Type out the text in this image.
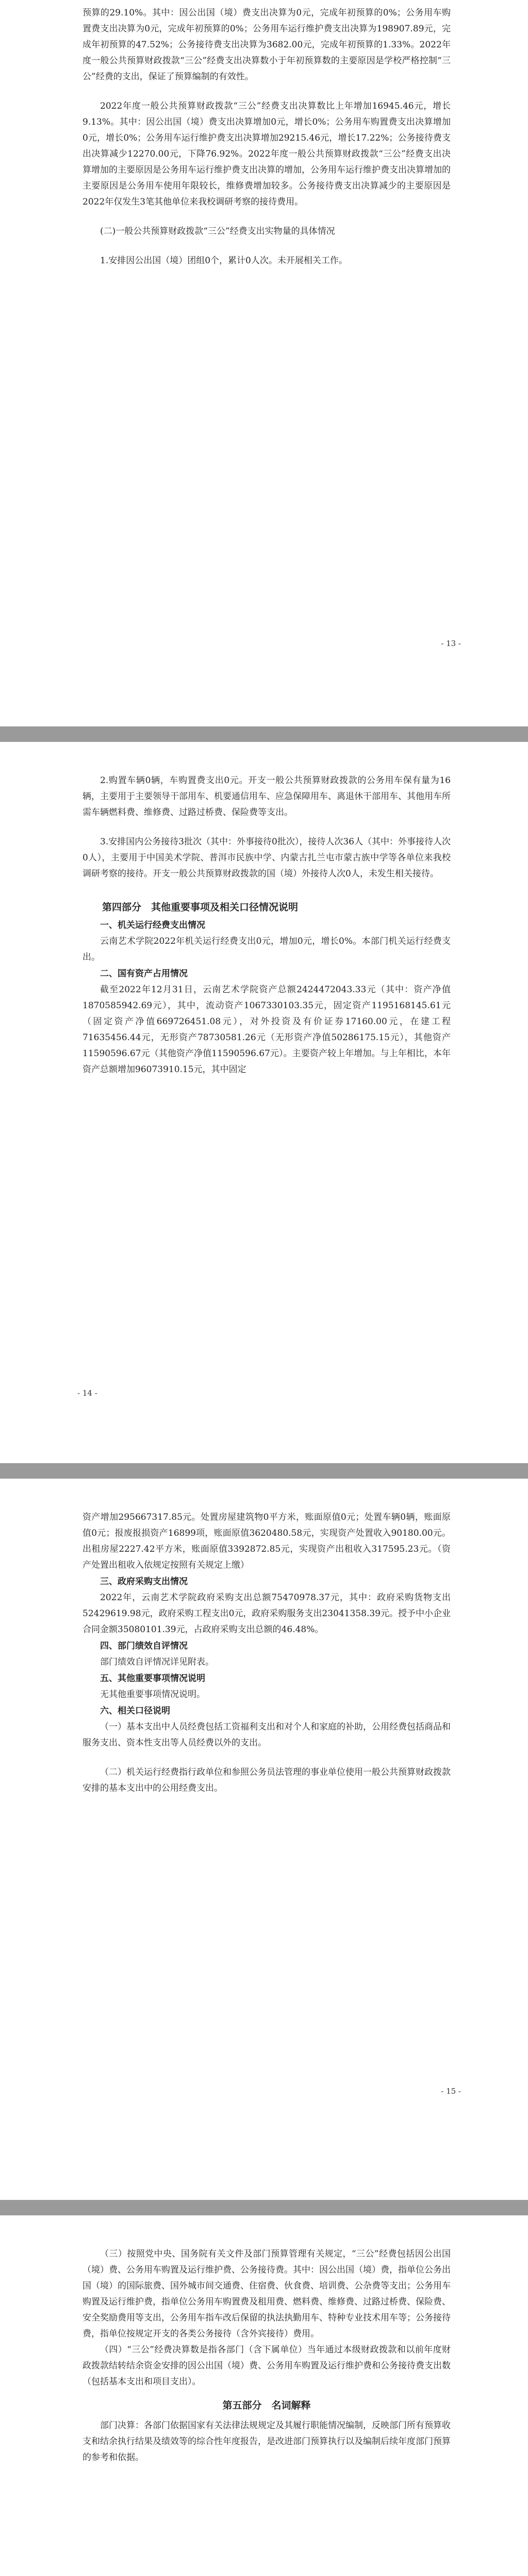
预算的29.10%。其中：因公出国（境）费支出决算为0元，完成年初预算的0%；公务用车购置费支出决算为0元，完成年初预算的0%；公务用车运行维护费支出决算为198907.89元，完成年初预算的47.52%；公务接待费支出决算为3682.00元，完成年初预算的1.33%。2022年度一般公共预算财政拨款“三公”经费支出决算数小于年初预算数的主要原因是学校严格控制“三公”经费的支出，保证了预算编制的有效性。

2022年度一般公共预算财政拨款“三公”经费支出决算数比上年增加16945.46元，增长9.13%。其中：因公出国（境）费支出决算增加0元，增长0%；公务用车购置费支出决算增加0元，增长0%；公务用车运行维护费支出决算增加29215.46元，增长17.22%；公务接待费支出决算减少12270.00元，下降76.92%。2022年度一般公共预算财政拨款“三公”经费支出决算增加的主要原因是公务用车运行维护费支出决算的增加，公务用车运行维护费支出决算增加的主要原因是公务用车使用年限较长，维修费增加较多。公务接待费支出决算减少的主要原因是2022年仅发生3笔其他单位来我校调研考察的接待费用。

(二)一般公共预算财政拨款“三公”经费支出实物量的具体情况

1.安排因公出国（境）团组0个，累计0人次。未开展相关工作。

- 13 -

2.购置车辆0辆，车购置费支出0元。开支一般公共预算财政拨款的公务用车保有量为16辆，主要用于主要领导干部用车、机要通信用车、应急保障用车、离退休干部用车、其他用车所需车辆燃料费、维修费、过路过桥费、保险费等支出。

3.安排国内公务接待3批次（其中：外事接待0批次），接待人次36人（其中：外事接待人次0人），主要用于中国美术学院、普洱市民族中学、内蒙古扎兰屯市蒙古族中学等各单位来我校调研考察的接待。开支一般公共预算财政拨款的国（境）外接待人次0人，未发生相关接待。

第四部分　其他重要事项及相关口径情况说明
一、机关运行经费支出情况

云南艺术学院2022年机关运行经费支出0元，增加0元，增长0%。本部门机关运行经费支出。

二、国有资产占用情况

截至2022年12月31日，云南艺术学院资产总额2424472043.33元（其中：资产净值1870585942.69元），其中，流动资产1067330103.35元，固定资产1195168145.61元（固定资产净值669726451.08元），对外投资及有价证券17160.00元，在建工程71635456.44元，无形资产78730581.26元（无形资产净值50286175.15元），其他资产11590596.67元（其他资产净值11590596.67元）。主要资产较上年增加。与上年相比，本年资产总额增加96073910.15元，其中固定

- 14 -

资产增加295667317.85元。处置房屋建筑物0平方米，账面原值0元；处置车辆0辆，账面原值0元；报废报损资产16899项，账面原值3620480.58元，实现资产处置收入90180.00元。出租房屋2227.42平方米，账面原值3392872.85元，实现资产出租收入317595.23元。（资产处置出租收入依规定按照有关规定上缴）

三、政府采购支出情况

2022年，云南艺术学院政府采购支出总额75470978.37元，其中：政府采购货物支出52429619.98元，政府采购工程支出0元，政府采购服务支出23041358.39元。授予中小企业合同金额35080101.39元，占政府采购支出总额的46.48%。

四、部门绩效自评情况

部门绩效自评情况详见附表。

五、其他重要事项情况说明

无其他重要事项情况说明。

六、相关口径说明

（一）基本支出中人员经费包括工资福利支出和对个人和家庭的补助，公用经费包括商品和服务支出、资本性支出等人员经费以外的支出。

（二）机关运行经费指行政单位和参照公务员法管理的事业单位使用一般公共预算财政拨款安排的基本支出中的公用经费支出。

- 15 -

（三）按照党中央、国务院有关文件及部门预算管理有关规定，“三公”经费包括因公出国（境）费、公务用车购置及运行维护费、公务接待费。其中：因公出国（境）费，指单位公务出国（境）的国际旅费、国外城市间交通费、住宿费、伙食费、培训费、公杂费等支出；公务用车购置及运行维护费，指单位公务用车购置费及租用费、燃料费、维修费、过路过桥费、保险费、安全奖励费用等支出，公务用车指车改后保留的执法执勤用车、特种专业技术用车等；公务接待费，指单位按规定开支的各类公务接待（含外宾接待）费用。

（四）“三公”经费决算数是指各部门（含下属单位）当年通过本级财政拨款和以前年度财政拨款结转结余资金安排的因公出国（境）费、公务用车购置及运行维护费和公务接待费支出数（包括基本支出和项目支出）。

第五部分　名词解释

部门决算：各部门依据国家有关法律法规规定及其履行职能情况编制，反映部门所有预算收支和结余执行结果及绩效等的综合性年度报告，是改进部门预算执行以及编制后续年度部门预算的参考和依据。
